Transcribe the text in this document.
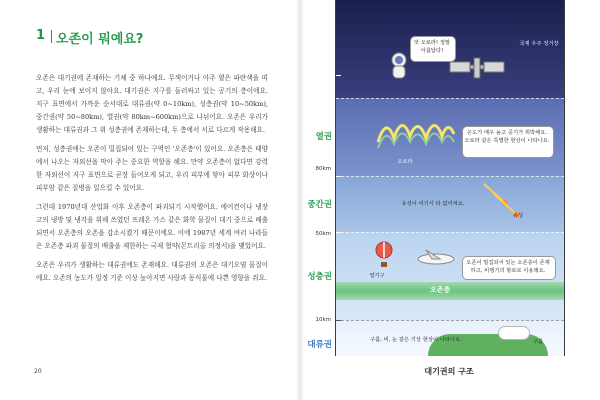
1 오존이 뭐예요?

오존은 대기권에 존재하는 기체 중 하나예요. 무색이거나 아주 옅은 파란색을 띠고, 우리 눈에 보이지 않아요. 대기권은 지구를 둘러싸고 있는 공기의 층이에요. 지구 표면에서 가까운 순서대로 대류권(약 0~10km), 성층권(약 10~50km), 중간권(약 50~80km), 열권(약 80km~600km)으로 나뉘어요. 오존은 우리가 생활하는 대류권과 그 위 성층권에 존재하는데, 두 층에서 서로 다르게 작용해요.

먼저, 성층권에는 오존이 밀집되어 있는 구역인 '오존층'이 있어요. 오존층은 태양에서 나오는 자외선을 막아 주는 중요한 역할을 해요. 만약 오존층이 없다면 강력한 자외선이 지구 표면으로 곧장 들어오게 되고, 우리 피부에 닿아 피부 화상이나 피부암 같은 질병을 일으킬 수 있어요.

그런데 1970년대 산업화 이후 오존층이 파괴되기 시작했어요. 에어컨이나 냉장고의 냉방 및 냉각을 위해 쓰였던 프레온 가스 같은 화학 물질이 대기 중으로 배출되면서 오존층의 오존을 감소시켰기 때문이에요. 이에 1987년 세계 여러 나라들은 오존층 파괴 물질의 배출을 제한하는 국제 협약(몬트리올 의정서)을 맺었어요.

오존은 우리가 생활하는 대류권에도 존재해요. 대류권의 오존은 대기오염 물질이에요. 오존의 농도가 일정 기준 이상 높아지면 사람과 동식물에 나쁜 영향을 줘요.

20
오존층
400km
80km
50km
10km
열권
중간권
성층권
대류권
앗 오로라! 정말 아름답다!
국제 우주 정거장
오로라
온도가 매우 높고 공기가 희박해요. 오로라 같은 특별한 현상이 나타나요.
유성이 여기서 타 없어져요.
유성
열기구
오존이 밀집되어 있는 오존층이 존재하고, 비행기의 항로로 이용돼요.
구름, 비, 눈 같은 기상 현상이 나타나요.	구름
대기권의 구조
